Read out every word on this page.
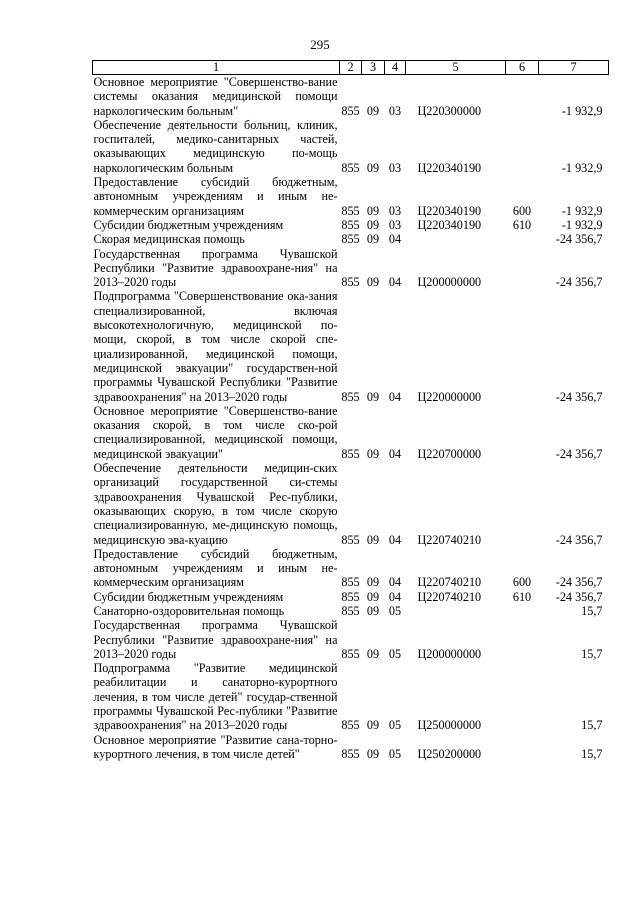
295
1	2	3	4	5	6	7
Основное мероприятие "Совершенство-вание системы оказания медицинской помощи наркологическим больным"	855	09	03	Ц220300000		-1 932,9
Обеспечение деятельности больниц, клиник, госпиталей, медико-санитарных частей, оказывающих медицинскую по-мощь наркологическим больным	855	09	03	Ц220340190		-1 932,9
Предоставление субсидий бюджетным, автономным учреждениям и иным не-коммерческим организациям	855	09	03	Ц220340190	600	-1 932,9
Субсидии бюджетным учреждениям	855	09	03	Ц220340190	610	-1 932,9
Скорая медицинская помощь	855	09	04			-24 356,7
Государственная программа Чувашской Республики "Развитие здравоохране-ния" на 2013–2020 годы	855	09	04	Ц200000000		-24 356,7
Подпрограмма "Совершенствование ока-зания специализированной, включая высокотехнологичную, медицинской по-мощи, скорой, в том числе скорой спе-циализированной, медицинской помощи, медицинской эвакуации" государствен-ной программы Чувашской Республики "Развитие здравоохранения" на 2013–2020 годы	855	09	04	Ц220000000		-24 356,7
Основное мероприятие "Совершенство-вание оказания скорой, в том числе ско-рой специализированной, медицинской помощи, медицинской эвакуации"	855	09	04	Ц220700000		-24 356,7
Обеспечение деятельности медицин-ских организаций государственной си-стемы здравоохранения Чувашской Рес-публики, оказывающих скорую, в том числе скорую специализированную, ме-дицинскую помощь, медицинскую эва-куацию	855	09	04	Ц220740210		-24 356,7
Предоставление субсидий бюджетным, автономным учреждениям и иным не-коммерческим организациям	855	09	04	Ц220740210	600	-24 356,7
Субсидии бюджетным учреждениям	855	09	04	Ц220740210	610	-24 356,7
Санаторно-оздоровительная помощь	855	09	05			15,7
Государственная программа Чувашской Республики "Развитие здравоохране-ния" на 2013–2020 годы	855	09	05	Ц200000000		15,7
Подпрограмма "Развитие медицинской реабилитации и санаторно-курортного лечения, в том числе детей" государ-ственной программы Чувашской Рес-публики "Развитие здравоохранения" на 2013–2020 годы	855	09	05	Ц250000000		15,7
Основное мероприятие "Развитие сана-торно-курортного лечения, в том числе детей"	855	09	05	Ц250200000		15,7
